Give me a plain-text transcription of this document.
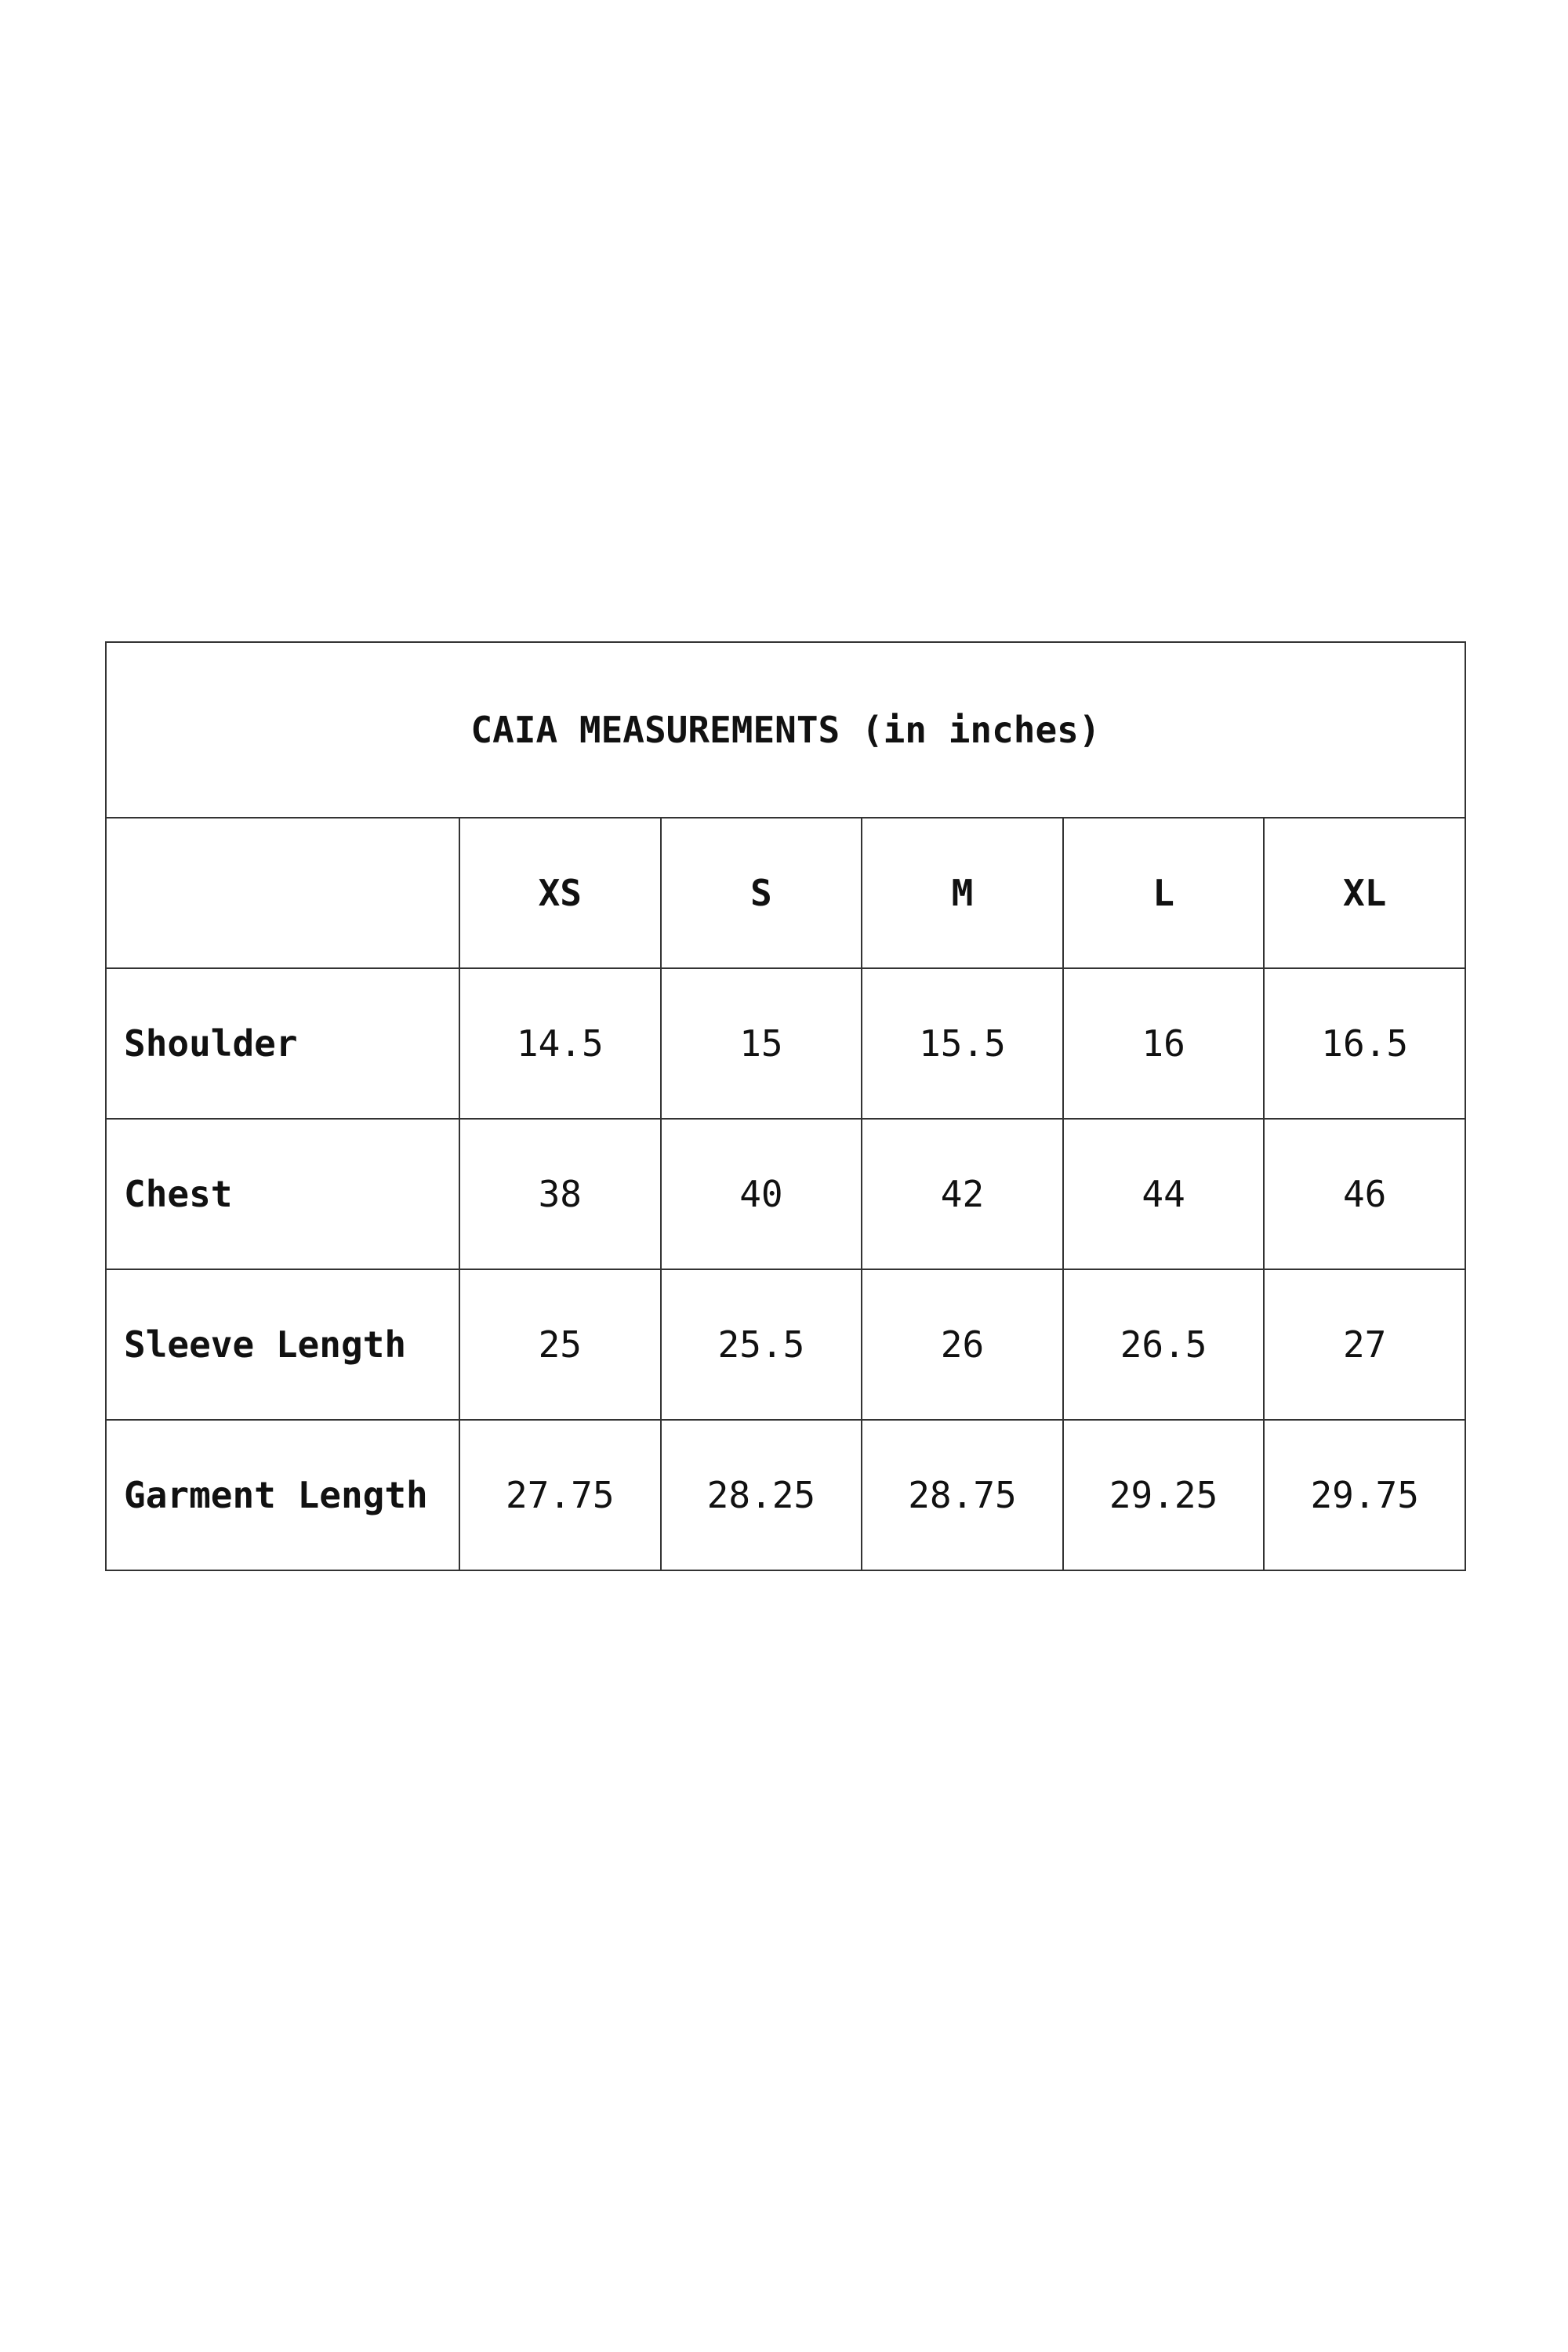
CAIA MEASUREMENTS (in inches)					
	XS	S	M	L	XL
Shoulder	14.5	15	15.5	16	16.5
Chest	38	40	42	44	46
Sleeve Length	25	25.5	26	26.5	27
Garment Length	27.75	28.25	28.75	29.25	29.75
